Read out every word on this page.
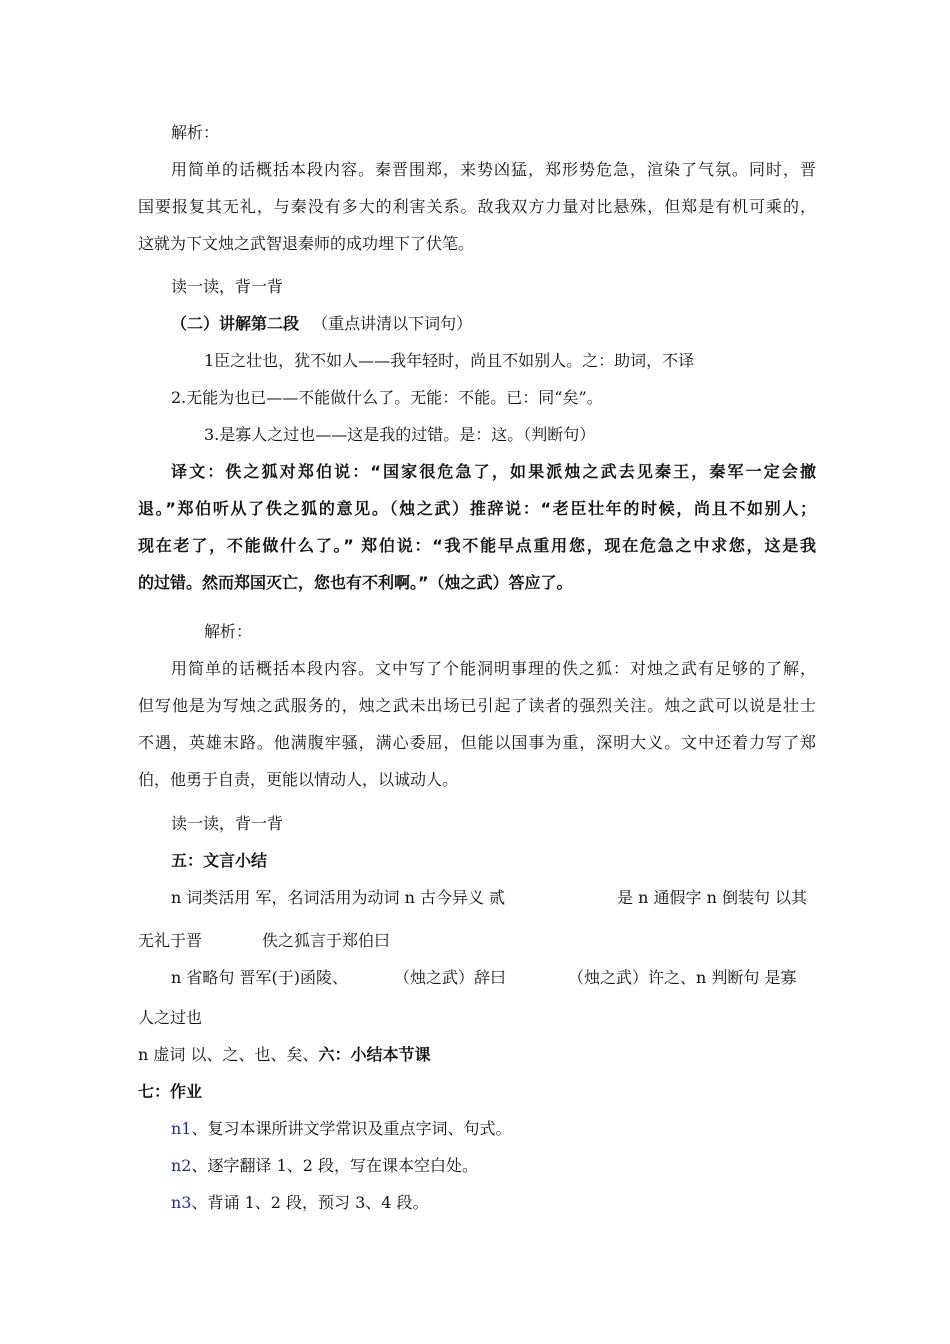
解析：
用简单的话概括本段内容。秦晋围郑，来势凶猛，郑形势危急，渲染了气氛。同时，晋
国要报复其无礼，与秦没有多大的利害关系。敌我双方力量对比悬殊，但郑是有机可乘的，
这就为下文烛之武智退秦师的成功埋下了伏笔。
读一读，背一背
（二）讲解第二段 （重点讲清以下词句）
1臣之壮也，犹不如人——我年轻时，尚且不如别人。之：助词，不译
2.无能为也已——不能做什么了。无能：不能。已：同“矣”。
3.是寡人之过也——这是我的过错。是：这。（判断句）
译文：佚之狐对郑伯说：“国家很危急了，如果派烛之武去见秦王，秦军一定会撤
退。”郑伯听从了佚之狐的意见。（烛之武）推辞说：“老臣壮年的时候，尚且不如别人；
现在老了，不能做什么了。” 郑伯说：“我不能早点重用您，现在危急之中求您，这是我
的过错。然而郑国灭亡，您也有不利啊。”（烛之武）答应了。
解析：
用简单的话概括本段内容。文中写了个能洞明事理的佚之狐：对烛之武有足够的了解，
但写他是为写烛之武服务的，烛之武未出场已引起了读者的强烈关注。烛之武可以说是壮士
不遇，英雄末路。他满腹牢骚，满心委屈，但能以国事为重，深明大义。文中还着力写了郑
伯，他勇于自责，更能以情动人，以诚动人。
读一读，背一背
五：文言小结
n 词类活用 军，名词活用为动词 n 古今异义 贰	是 n 通假字 n 倒装句 以其
无礼于晋	佚之狐言于郑伯曰
n 省略句 晋军(于)函陵、	（烛之武）辞曰	（烛之武）许之、n 判断句 是寡
人之过也
n 虚词 以、之、也、矣、六：小结本节课
七：作业
n1、复习本课所讲文学常识及重点字词、句式。
n2、逐字翻译 1、2 段，写在课本空白处。
n3、背诵 1、2 段，预习 3、4 段。
